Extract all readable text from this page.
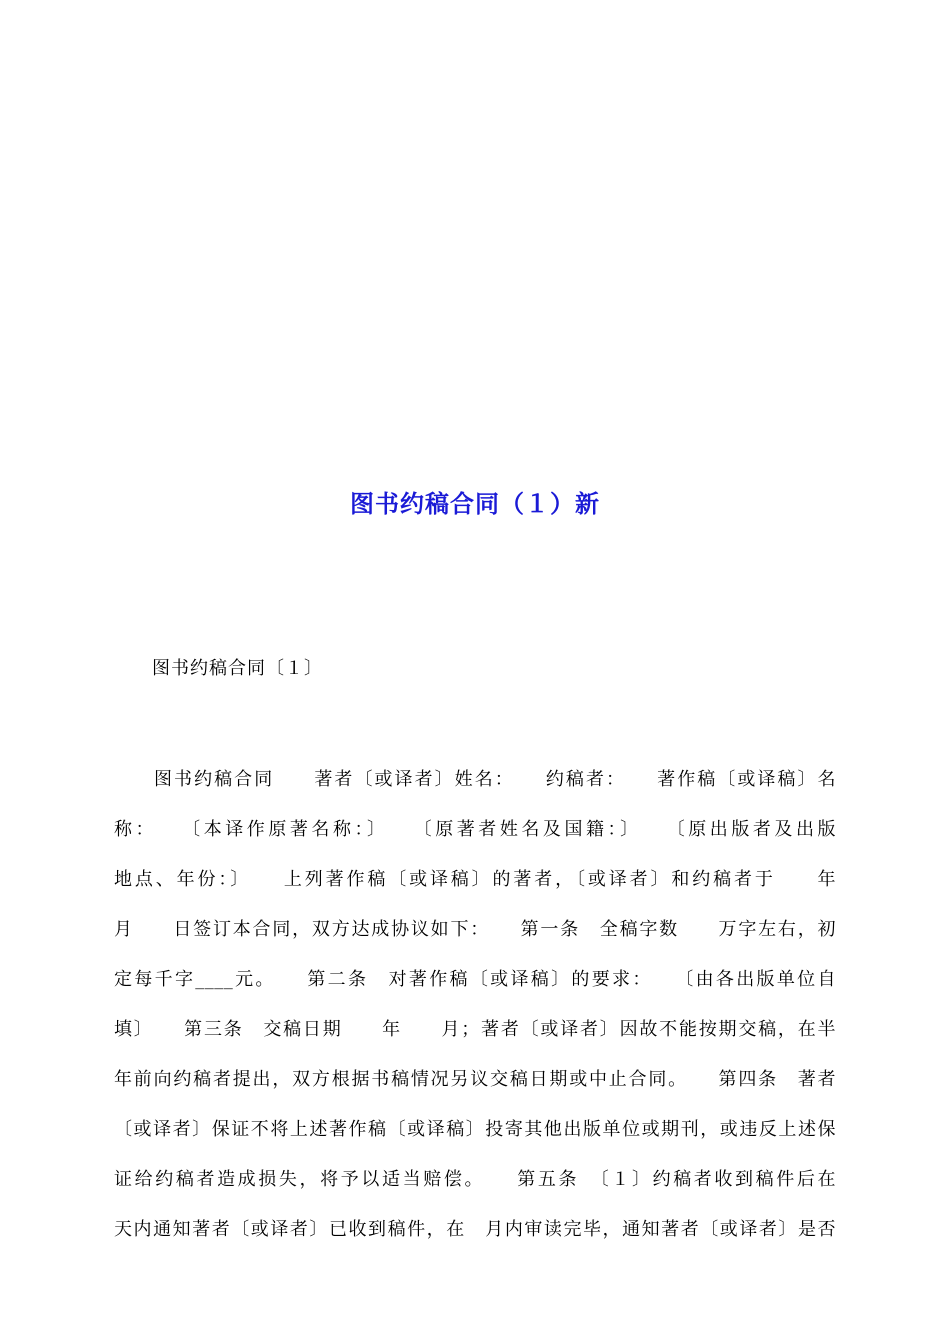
图书约稿合同（１）新
图书约稿合同〔１〕
图书约稿合同　　著者〔或译者〕姓名：　　约稿者：　　著作稿〔或译稿〕名
称：　　〔本译作原著名称：〕　　〔原著者姓名及国籍：〕　　〔原出版者及出版
地点、年份：〕　　上列著作稿〔或译稿〕的著者，〔或译者〕和约稿者于　　年
月　　日签订本合同，双方达成协议如下：　　第一条　全稿字数　　万字左右，初
定每千字____元。　　第二条　对著作稿〔或译稿〕的要求：　　〔由各出版单位自
填〕　　第三条　交稿日期　　年　　月；著者〔或译者〕因故不能按期交稿，在半
年前向约稿者提出，双方根据书稿情况另议交稿日期或中止合同。　　第四条　著者
〔或译者〕保证不将上述著作稿〔或译稿〕投寄其他出版单位或期刊，或违反上述保
证给约稿者造成损失，将予以适当赔偿。　　第五条　〔１〕约稿者收到稿件后在
天内通知著者〔或译者〕已收到稿件，在　月内审读完毕，通知著者〔或译者〕是否
